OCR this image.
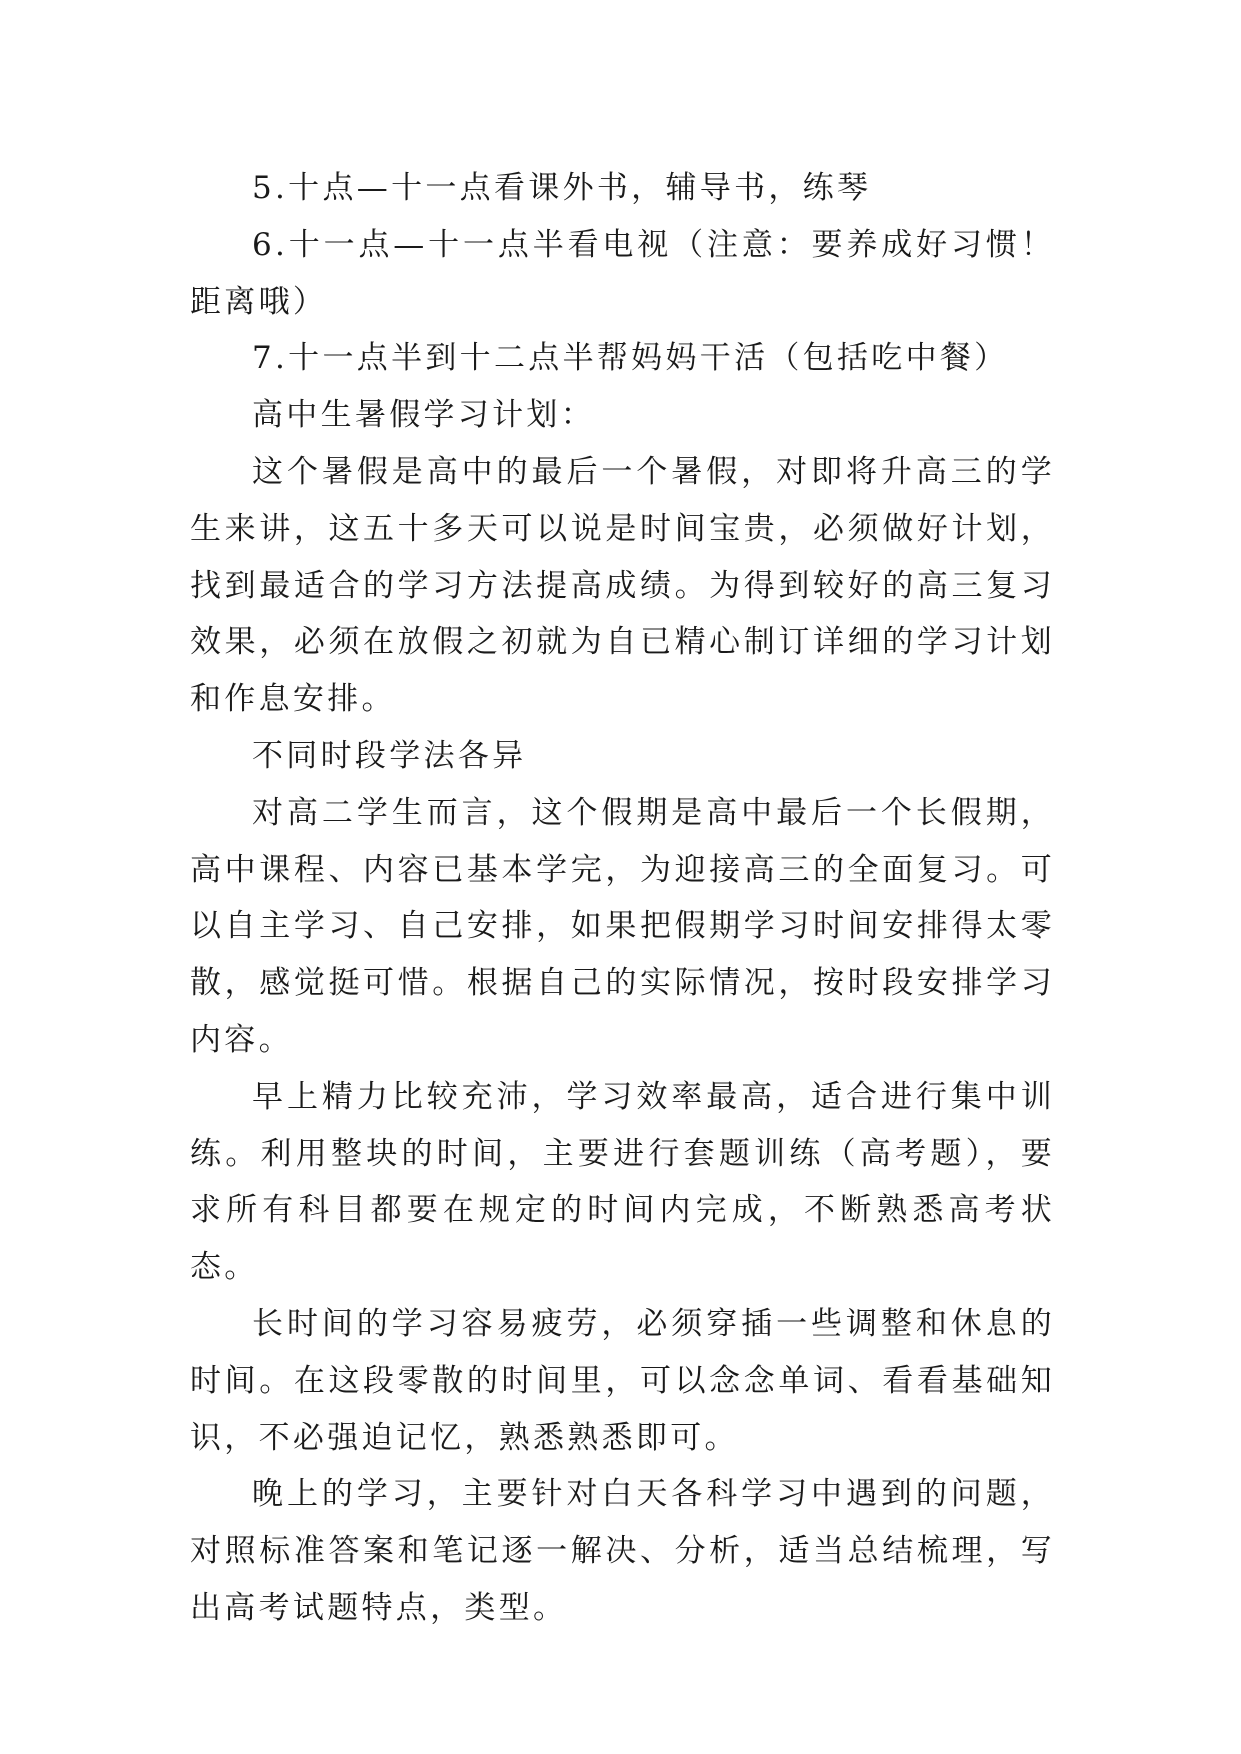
5.十点—十一点看课外书，辅导书，练琴

6.十一点—十一点半看电视（注意：要养成好习惯！距离哦）

7.十一点半到十二点半帮妈妈干活（包括吃中餐）

高中生暑假学习计划：

这个暑假是高中的最后一个暑假，对即将升高三的学生来讲，这五十多天可以说是时间宝贵，必须做好计划，找到最适合的学习方法提高成绩。为得到较好的高三复习效果，必须在放假之初就为自已精心制订详细的学习计划和作息安排。

不同时段学法各异

对高二学生而言，这个假期是高中最后一个长假期，高中课程、内容已基本学完，为迎接高三的全面复习。可以自主学习、自己安排，如果把假期学习时间安排得太零散，感觉挺可惜。根据自己的实际情况，按时段安排学习内容。

早上精力比较充沛，学习效率最高，适合进行集中训练。利用整块的时间，主要进行套题训练（高考题），要求所有科目都要在规定的时间内完成，不断熟悉高考状态。

长时间的学习容易疲劳，必须穿插一些调整和休息的时间。在这段零散的时间里，可以念念单词、看看基础知识，不必强迫记忆，熟悉熟悉即可。

晚上的学习，主要针对白天各科学习中遇到的问题，对照标准答案和笔记逐一解决、分析，适当总结梳理，写出高考试题特点，类型。
